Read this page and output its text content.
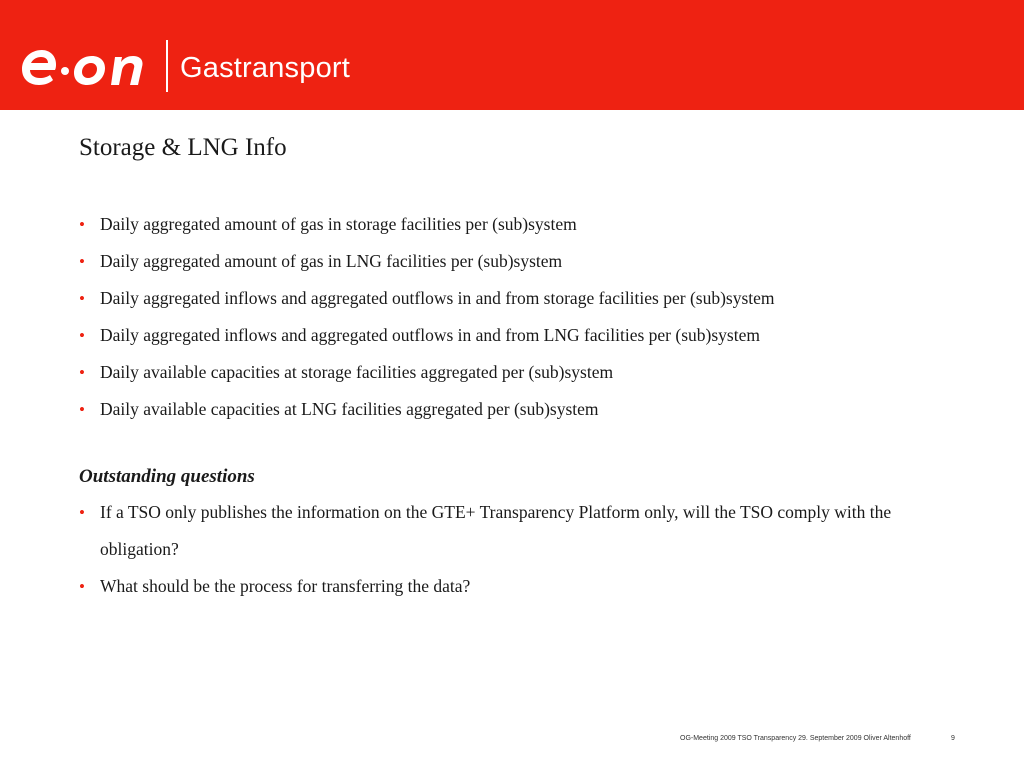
Gastransport
Storage & LNG Info
• Daily aggregated amount of gas in storage facilities per (sub)system
• Daily aggregated amount of gas in LNG facilities per (sub)system
• Daily aggregated inflows and aggregated outflows in and from storage facilities per (sub)system
• Daily aggregated inflows and aggregated outflows in and from LNG facilities per (sub)system
• Daily available capacities at storage facilities aggregated per (sub)system
• Daily available capacities at LNG facilities aggregated per (sub)system
Outstanding questions
• If a TSO only publishes the information on the GTE+ Transparency Platform only, will the TSO comply with the obligation?
• What should be the process for transferring the data?
OG-Meeting 2009 TSO Transparency 29. September 2009 Oliver Altenhoff	9
